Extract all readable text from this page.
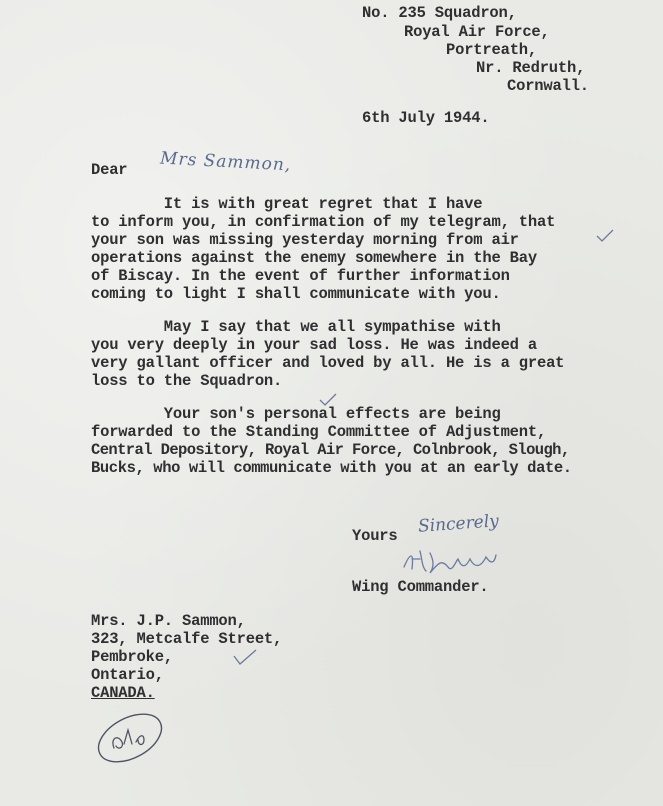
No. 235 Squadron,
Royal Air Force,
Portreath,
Nr. Redruth,
Cornwall.
6th July 1944.
Dear Mrs Sammon,
It is with great regret that I have
to inform you, in confirmation of my telegram, that
your son was missing yesterday morning from air
operations against the enemy somewhere in the Bay
of Biscay. In the event of further information
coming to light I shall communicate with you.
May I say that we all sympathise with
you very deeply in your sad loss. He was indeed a
very gallant officer and loved by all. He is a great
loss to the Squadron.
Your son's personal effects are being
forwarded to the Standing Committee of Adjustment,
Central Depository, Royal Air Force, Colnbrook, Slough,
Bucks, who will communicate with you at an early date.
Yours Sincerely
Wing Commander.
Mrs. J.P. Sammon,
323, Metcalfe Street,
Pembroke,
Ontario,
CANADA.
